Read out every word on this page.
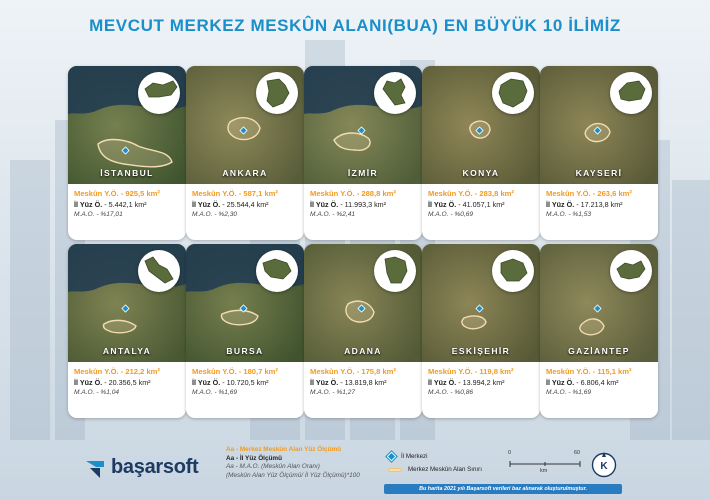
MEVCUT MERKEZ MESKÛN ALANI(BUA) EN BÜYÜK 10 İLİMİZ
İSTANBUL
Meskûn Y.Ö. - 925,5 km²
İl Yüz Ö. - 5.442,1 km²
M.A.O. - %17,01
ANKARA
Meskûn Y.Ö. - 587,1 km²
İl Yüz Ö. - 25.544,4 km²
M.A.O. - %2,30
İZMİR
Meskûn Y.Ö. - 288,8 km²
İl Yüz Ö. - 11.993,3 km²
M.A.O. - %2,41
KONYA
Meskûn Y.Ö. - 283,8 km²
İl Yüz Ö. - 41.057,1 km²
M.A.O. - %0,69
KAYSERİ
Meskûn Y.Ö. - 263,6 km²
İl Yüz Ö. - 17.213,8 km²
M.A.O. - %1,53
ANTALYA
Meskûn Y.Ö. - 212,2 km²
İl Yüz Ö. - 20.356,5 km²
M.A.O. - %1,04
BURSA
Meskûn Y.Ö. - 180,7 km²
İl Yüz Ö. - 10.720,5 km²
M.A.O. - %1,69
ADANA
Meskûn Y.Ö. - 175,8 km²
İl Yüz Ö. - 13.819,8 km²
M.A.O. - %1,27
ESKİŞEHİR
Meskûn Y.Ö. - 119,8 km²
İl Yüz Ö. - 13.994,2 km²
M.A.O. - %0,86
GAZİANTEP
Meskûn Y.Ö. - 115,1 km²
İl Yüz Ö. - 6.806,4 km²
M.A.O. - %1,69
başarsoft
Aa - Merkez Meskûn Alan Yüz Ölçümü
Aa - İl Yüz Ölçümü
Aa - M.A.O. (Meskûn Alan Oranı)
(Meskûn Alan Yüz Ölçümü/ İl Yüz Ölçümü)*100
İl Merkezi
Merkez Meskûn Alan Sınırı
0	60
km	K
Bu harita 2021 yılı Başarsoft verileri baz alınarak oluşturulmuştur.
